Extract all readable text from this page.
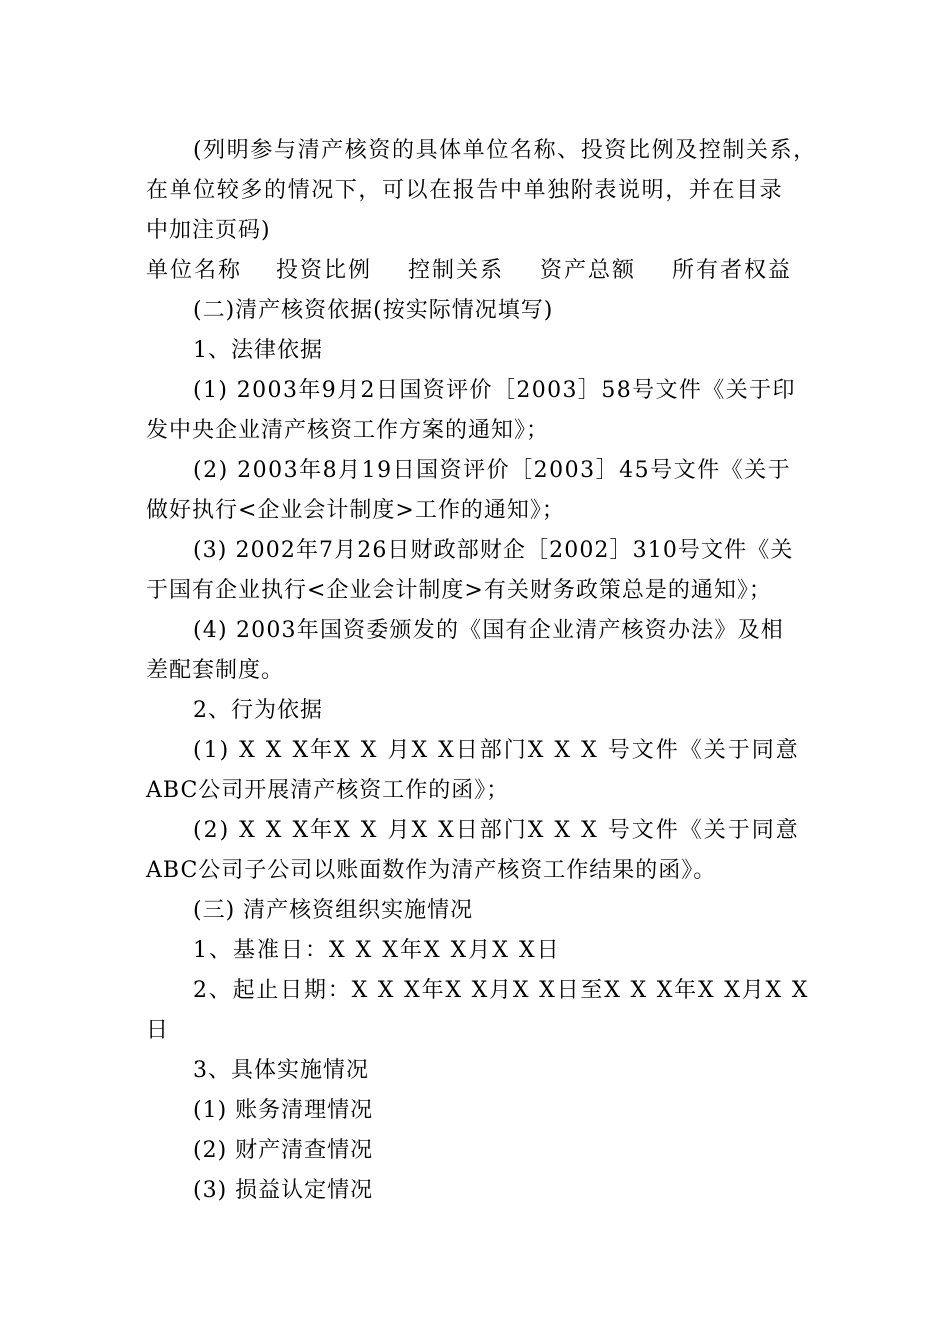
(列明参与清产核资的具体单位名称、投资比例及控制关系，
在单位较多的情况下，可以在报告中单独附表说明，并在目录
中加注页码)
单位名称 投资比例 控制关系 资产总额 所有者权益
(二)清产核资依据(按实际情况填写)
1、法律依据
(1) 2003年9月2日国资评价［2003］58号文件《关于印
发中央企业清产核资工作方案的通知》；
(2) 2003年8月19日国资评价［2003］45号文件《关于
做好执行<企业会计制度>工作的通知》；
(3) 2002年7月26日财政部财企［2002］310号文件《关
于国有企业执行<企业会计制度>有关财务政策总是的通知》；
(4) 2003年国资委颁发的《国有企业清产核资办法》及相
差配套制度。
2、行为依据
(1) X X X年X X 月X X日部门X X X 号文件《关于同意
ABC公司开展清产核资工作的函》；
(2) X X X年X X 月X X日部门X X X 号文件《关于同意
ABC公司子公司以账面数作为清产核资工作结果的函》。
(三) 清产核资组织实施情况
1、基准日：X X X年X X月X X日
2、起止日期：X X X年X X月X X日至X X X年X X月X X
日
3、具体实施情况
(1) 账务清理情况
(2) 财产清查情况
(3) 损益认定情况
